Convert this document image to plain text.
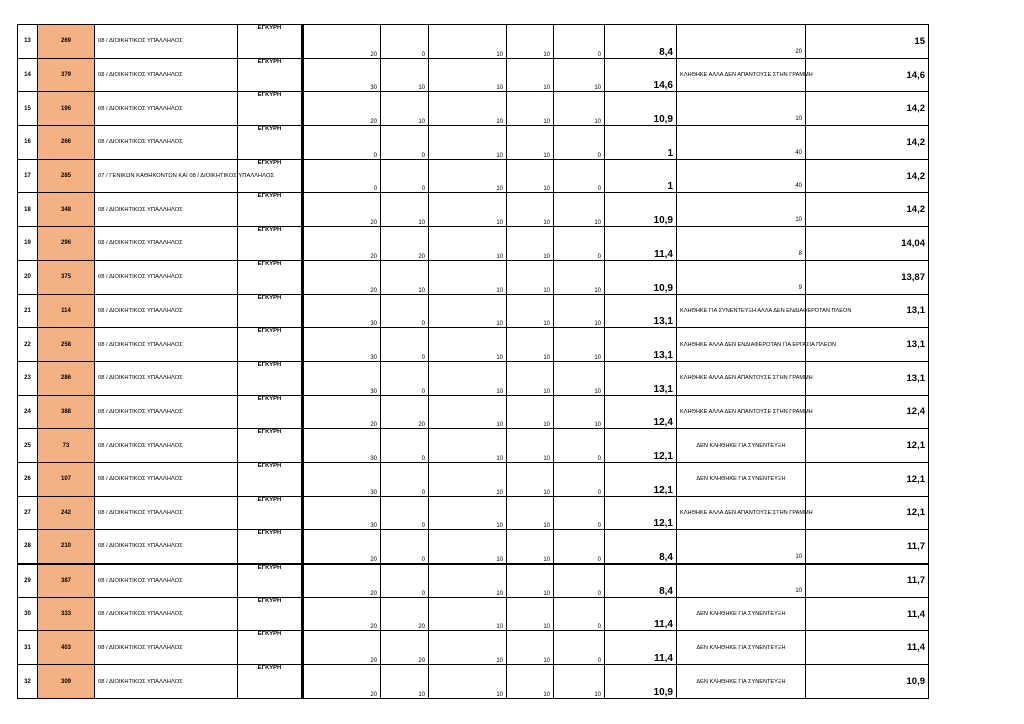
13	269	08 / ΔΙΟΙΚΗΤΙΚΟΣ ΥΠΑΛΛΗΛΟΣ	ΕΓΚΥΡΗ	20	0	10	10	0	8,4	20	15
14	379	08 / ΔΙΟΙΚΗΤΙΚΟΣ ΥΠΑΛΛΗΛΟΣ	ΕΓΚΥΡΗ	30	10	10	10	10	14,6	ΚΛΗΘΗΚΕ ΑΛΛΑ ΔΕΝ ΑΠΑΝΤΟΥΣΕ ΣΤΗΝ ΓΡΑΜΜΗ	14,6
15	196	08 / ΔΙΟΙΚΗΤΙΚΟΣ ΥΠΑΛΛΗΛΟΣ	ΕΓΚΥΡΗ	20	10	10	10	10	10,9	10	14,2
16	266	08 / ΔΙΟΙΚΗΤΙΚΟΣ ΥΠΑΛΛΗΛΟΣ	ΕΓΚΥΡΗ	0	0	10	10	0	1	40	14,2
17	285	07 / ΓΕΝΙΚΩΝ ΚΑΘΗΚΟΝΤΩΝ ΚΑΙ 08 / ΔΙΟΙΚΗΤΙΚΟΣ ΥΠΑΛΛΗΛΟΣ	ΕΓΚΥΡΗ	0	0	10	10	0	1	40	14,2
18	348	08 / ΔΙΟΙΚΗΤΙΚΟΣ ΥΠΑΛΛΗΛΟΣ	ΕΓΚΥΡΗ	20	10	10	10	10	10,9	10	14,2
19	296	08 / ΔΙΟΙΚΗΤΙΚΟΣ ΥΠΑΛΛΗΛΟΣ	ΕΓΚΥΡΗ	20	20	10	10	0	11,4	8	14,04
20	375	08 / ΔΙΟΙΚΗΤΙΚΟΣ ΥΠΑΛΛΗΛΟΣ	ΕΓΚΥΡΗ	20	10	10	10	10	10,9	9	13,87
21	114	08 / ΔΙΟΙΚΗΤΙΚΟΣ ΥΠΑΛΛΗΛΟΣ	ΕΓΚΥΡΗ	30	0	10	10	10	13,1	ΚΛΗΘΗΚΕ ΓΙΑ ΣΥΝΕΝΤΕΥΞΗ ΑΛΛΑ ΔΕΝ ΕΝΔΙΑΦΕΡΟΤΑΝ ΠΛΕΟΝ	13,1
22	258	08 / ΔΙΟΙΚΗΤΙΚΟΣ ΥΠΑΛΛΗΛΟΣ	ΕΓΚΥΡΗ	30	0	10	10	10	13,1	ΚΛΗΘΗΚΕ ΑΛΛΑ ΔΕΝ ΕΝΔΙΑΦΕΡΟΤΑΝ ΓΙΑ ΕΡΓΑΣΙΑ ΠΛΕΟΝ	13,1
23	286	08 / ΔΙΟΙΚΗΤΙΚΟΣ ΥΠΑΛΛΗΛΟΣ	ΕΓΚΥΡΗ	30	0	10	10	10	13,1	ΚΛΗΘΗΚΕ ΑΛΛΑ ΔΕΝ ΑΠΑΝΤΟΥΣΕ ΣΤΗΝ ΓΡΑΜΜΗ	13,1
24	388	08 / ΔΙΟΙΚΗΤΙΚΟΣ ΥΠΑΛΛΗΛΟΣ	ΕΓΚΥΡΗ	20	20	10	10	10	12,4	ΚΛΗΘΗΚΕ ΑΛΛΑ ΔΕΝ ΑΠΑΝΤΟΥΣΕ ΣΤΗΝ ΓΡΑΜΜΗ	12,4
25	73	08 / ΔΙΟΙΚΗΤΙΚΟΣ ΥΠΑΛΛΗΛΟΣ	ΕΓΚΥΡΗ	30	0	10	10	0	12,1	ΔΕΝ ΚΛΗΘΗΚΕ ΓΙΑ ΣΥΝΕΝΤΕΥΞΗ	12,1
26	107	08 / ΔΙΟΙΚΗΤΙΚΟΣ ΥΠΑΛΛΗΛΟΣ	ΕΓΚΥΡΗ	30	0	10	10	0	12,1	ΔΕΝ ΚΛΗΘΗΚΕ ΓΙΑ ΣΥΝΕΝΤΕΥΞΗ	12,1
27	242	08 / ΔΙΟΙΚΗΤΙΚΟΣ ΥΠΑΛΛΗΛΟΣ	ΕΓΚΥΡΗ	30	0	10	10	0	12,1	ΚΛΗΘΗΚΕ ΑΛΛΑ ΔΕΝ ΑΠΑΝΤΟΥΣΕ ΣΤΗΝ ΓΡΑΜΜΗ	12,1
28	210	08 / ΔΙΟΙΚΗΤΙΚΟΣ ΥΠΑΛΛΗΛΟΣ	ΕΓΚΥΡΗ	20	0	10	10	0	8,4	10	11,7
29	387	08 / ΔΙΟΙΚΗΤΙΚΟΣ ΥΠΑΛΛΗΛΟΣ	ΕΓΚΥΡΗ	20	0	10	10	0	8,4	10	11,7
30	333	08 / ΔΙΟΙΚΗΤΙΚΟΣ ΥΠΑΛΛΗΛΟΣ	ΕΓΚΥΡΗ	20	20	10	10	0	11,4	ΔΕΝ ΚΛΗΘΗΚΕ ΓΙΑ ΣΥΝΕΝΤΕΥΞΗ	11,4
31	403	08 / ΔΙΟΙΚΗΤΙΚΟΣ ΥΠΑΛΛΗΛΟΣ	ΕΓΚΥΡΗ	20	20	10	10	0	11,4	ΔΕΝ ΚΛΗΘΗΚΕ ΓΙΑ ΣΥΝΕΝΤΕΥΞΗ	11,4
32	309	08 / ΔΙΟΙΚΗΤΙΚΟΣ ΥΠΑΛΛΗΛΟΣ	ΕΓΚΥΡΗ	20	10	10	10	10	10,9	ΔΕΝ ΚΛΗΘΗΚΕ ΓΙΑ ΣΥΝΕΝΤΕΥΞΗ	10,9
